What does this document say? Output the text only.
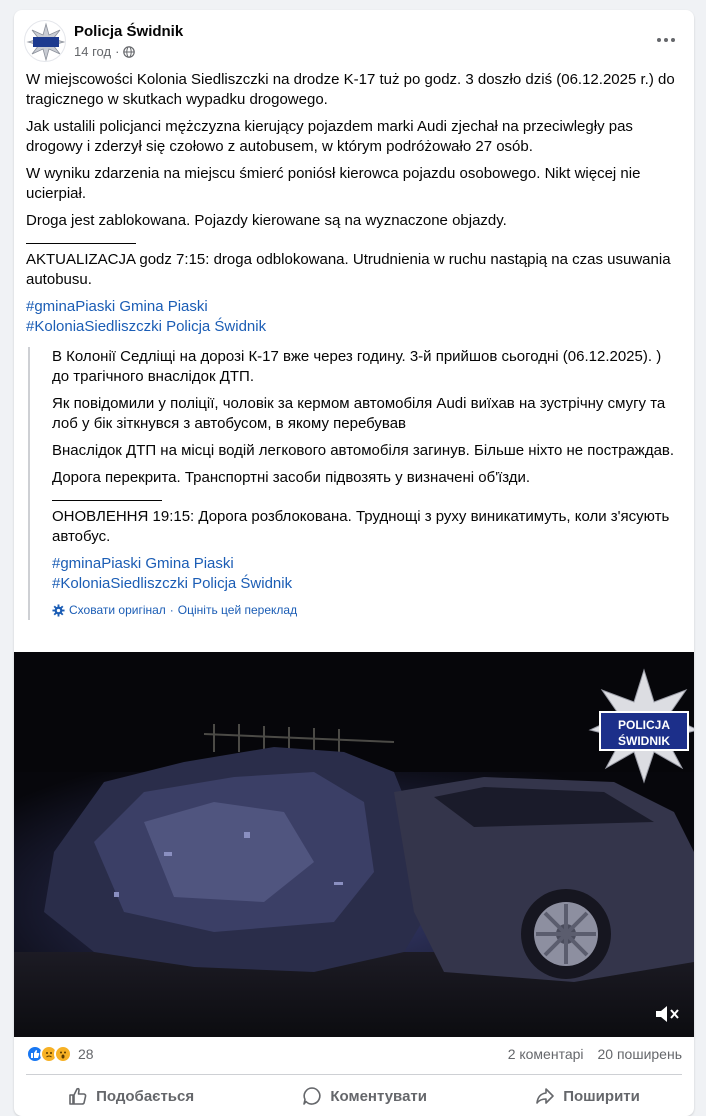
Policja Świdnik
14 год ·

W miejscowości Kolonia Siedliszczki na drodze K-17 tuż po godz. 3 doszło dziś (06.12.2025 r.) do tragicznego w skutkach wypadku drogowego.

Jak ustalili policjanci mężczyzna kierujący pojazdem marki Audi zjechał na przeciwległy pas drogowy i zderzył się czołowo z autobusem, w którym podróżowało 27 osób.

W wyniku zdarzenia na miejscu śmierć poniósł kierowca pojazdu osobowego. Nikt więcej nie ucierpiał.

Droga jest zablokowana. Pojazdy kierowane są na wyznaczone objazdy.

AKTUALIZACJA godz 7:15: droga odblokowana. Utrudnienia w ruchu nastąpią na czas usuwania autobusu.

#gminaPiaski Gmina Piaski
#KoloniaSiedliszczki Policja Świdnik

В Колонії Седліщі на дорозі К-17 вже через годину. 3-й прийшов сьогодні (06.12.2025). ) до трагічного внаслідок ДТП.

Як повідомили у поліції, чоловік за кермом автомобіля Audi виїхав на зустрічну смугу та лоб у бік зіткнувся з автобусом, в якому перебував

Внаслідок ДТП на місці водій легкового автомобіля загинув. Більше ніхто не постраждав.

Дорога перекрита. Транспортні засоби підвозять у визначені об'їзди.

ОНОВЛЕННЯ 19:15: Дорога розблокована. Труднощі з руху виникатимуть, коли з'ясують автобус.

#gminaPiaski Gmina Piaski
#KoloniaSiedliszczki Policja Świdnik
Сховати оригінал · Оцініть цей переклад
POLICJA
ŚWIDNIK
28	2 коментарі 20 поширень
Подобається	Коментувати	Поширити
